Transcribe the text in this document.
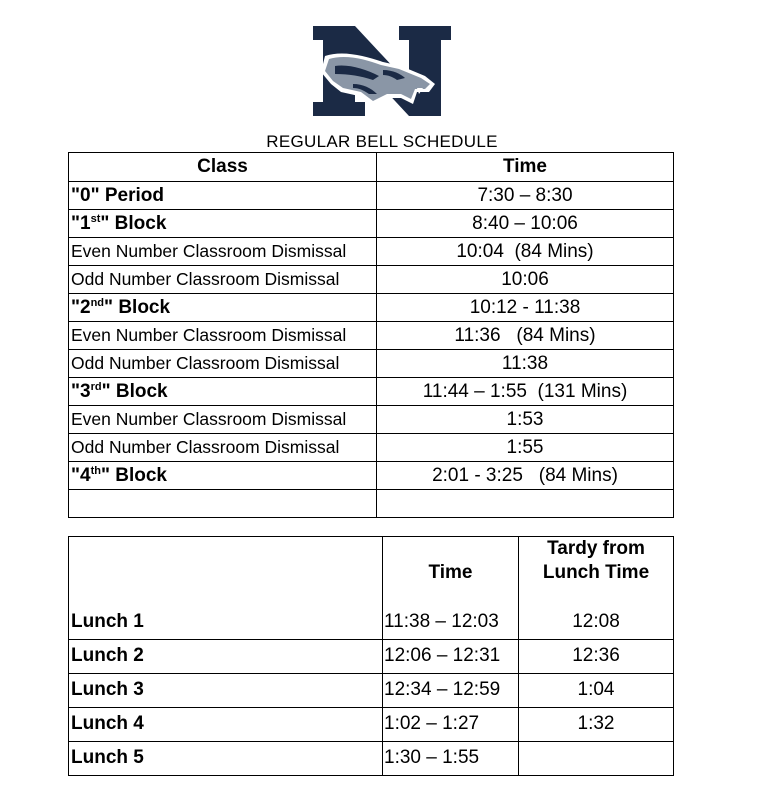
REGULAR BELL SCHEDULE
Class	Time
"0" Period	7:30 – 8:30
"1st" Block	8:40 – 10:06
Even Number Classroom Dismissal	10:04  (84 Mins)
Odd Number Classroom Dismissal	10:06
"2nd" Block	10:12 - 11:38
Even Number Classroom Dismissal	11:36   (84 Mins)
Odd Number Classroom Dismissal	11:38
"3rd" Block	11:44 – 1:55  (131 Mins)
Even Number Classroom Dismissal	1:53
Odd Number Classroom Dismissal	1:55
"4th" Block	2:01 - 3:25   (84 Mins)

	Time	Tardy from
Lunch Time

Lunch 1	11:38 – 12:03	12:08
Lunch 2	12:06 – 12:31	12:36
Lunch 3	12:34 – 12:59	1:04
Lunch 4	1:02 – 1:27	1:32
Lunch 5	1:30 – 1:55	
